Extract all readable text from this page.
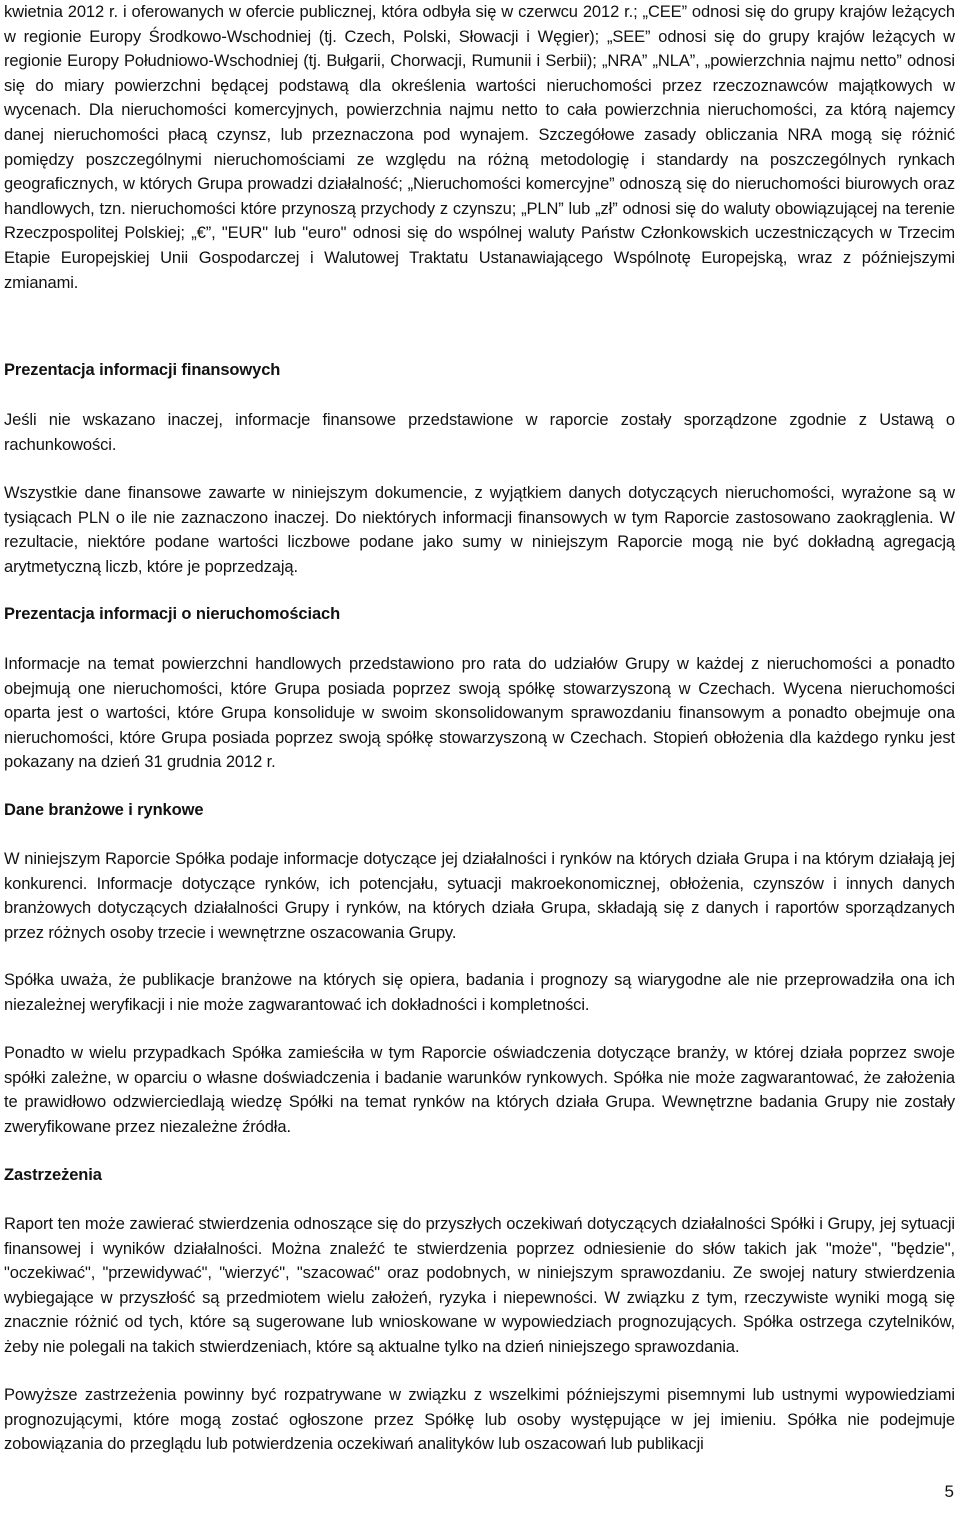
kwietnia 2012 r. i oferowanych w ofercie publicznej, która odbyła się w czerwcu 2012 r.; „CEE” odnosi się do grupy krajów leżących w regionie Europy Środkowo-Wschodniej (tj. Czech, Polski, Słowacji i Węgier); „SEE” odnosi się do grupy krajów leżących w regionie Europy Południowo-Wschodniej (tj. Bułgarii, Chorwacji, Rumunii i Serbii); „NRA” „NLA”, „powierzchnia najmu netto” odnosi się do miary powierzchni będącej podstawą dla określenia wartości nieruchomości przez rzeczoznawców majątkowych w wycenach. Dla nieruchomości komercyjnych, powierzchnia najmu netto to cała powierzchnia nieruchomości, za którą najemcy danej nieruchomości płacą czynsz, lub przeznaczona pod wynajem. Szczegółowe zasady obliczania NRA mogą się różnić pomiędzy poszczególnymi nieruchomościami ze względu na różną metodologię i standardy na poszczególnych rynkach geograficznych, w których Grupa prowadzi działalność; „Nieruchomości komercyjne” odnoszą się do nieruchomości biurowych oraz handlowych, tzn. nieruchomości które przynoszą przychody z czynszu; „PLN” lub „zł” odnosi się do waluty obowiązującej na terenie Rzeczpospolitej Polskiej; „€”, "EUR" lub "euro" odnosi się do wspólnej waluty Państw Członkowskich uczestniczących w Trzecim Etapie Europejskiej Unii Gospodarczej i Walutowej Traktatu Ustanawiającego Wspólnotę Europejską, wraz z późniejszymi zmianami.

Prezentacja informacji finansowych

Jeśli nie wskazano inaczej, informacje finansowe przedstawione w raporcie zostały sporządzone zgodnie z Ustawą o rachunkowości.

Wszystkie dane finansowe zawarte w niniejszym dokumencie, z wyjątkiem danych dotyczących nieruchomości, wyrażone są w tysiącach PLN o ile nie zaznaczono inaczej. Do niektórych informacji finansowych w tym Raporcie zastosowano zaokrąglenia. W rezultacie, niektóre podane wartości liczbowe podane jako sumy w niniejszym Raporcie mogą nie być dokładną agregacją arytmetyczną liczb, które je poprzedzają.

Prezentacja informacji o nieruchomościach

Informacje na temat powierzchni handlowych przedstawiono pro rata do udziałów Grupy w każdej z nieruchomości a ponadto obejmują one nieruchomości, które Grupa posiada poprzez swoją spółkę stowarzyszoną w Czechach. Wycena nieruchomości oparta jest o wartości, które Grupa konsoliduje w swoim skonsolidowanym sprawozdaniu finansowym a ponadto obejmuje ona nieruchomości, które Grupa posiada poprzez swoją spółkę stowarzyszoną w Czechach. Stopień obłożenia dla każdego rynku jest pokazany na dzień 31 grudnia 2012 r.

Dane branżowe i rynkowe

W niniejszym Raporcie Spółka podaje informacje dotyczące jej działalności i rynków na których działa Grupa i na którym działają jej konkurenci. Informacje dotyczące rynków, ich potencjału, sytuacji makroekonomicznej, obłożenia, czynszów i innych danych branżowych dotyczących działalności Grupy i rynków, na których działa Grupa, składają się z danych i raportów sporządzanych przez różnych osoby trzecie i wewnętrzne oszacowania Grupy.

Spółka uważa, że publikacje branżowe na których się opiera, badania i prognozy są wiarygodne ale nie przeprowadziła ona ich niezależnej weryfikacji i nie może zagwarantować ich dokładności i kompletności.

Ponadto w wielu przypadkach Spółka zamieściła w tym Raporcie oświadczenia dotyczące branży, w której działa poprzez swoje spółki zależne, w oparciu o własne doświadczenia i badanie warunków rynkowych. Spółka nie może zagwarantować, że założenia te prawidłowo odzwierciedlają wiedzę Spółki na temat rynków na których działa Grupa. Wewnętrzne badania Grupy nie zostały zweryfikowane przez niezależne źródła.

Zastrzeżenia

Raport ten może zawierać stwierdzenia odnoszące się do przyszłych oczekiwań dotyczących działalności Spółki i Grupy, jej sytuacji finansowej i wyników działalności. Można znaleźć te stwierdzenia poprzez odniesienie do słów takich jak "może", "będzie", "oczekiwać", "przewidywać", "wierzyć", "szacować" oraz podobnych, w niniejszym sprawozdaniu. Ze swojej natury stwierdzenia wybiegające w przyszłość są przedmiotem wielu założeń, ryzyka i niepewności. W związku z tym, rzeczywiste wyniki mogą się znacznie różnić od tych, które są sugerowane lub wnioskowane w wypowiedziach prognozujących. Spółka ostrzega czytelników, żeby nie polegali na takich stwierdzeniach, które są aktualne tylko na dzień niniejszego sprawozdania.

Powyższe zastrzeżenia powinny być rozpatrywane w związku z wszelkimi późniejszymi pisemnymi lub ustnymi wypowiedziami prognozującymi, które mogą zostać ogłoszone przez Spółkę lub osoby występujące w jej imieniu. Spółka nie podejmuje zobowiązania do przeglądu lub potwierdzenia oczekiwań analityków lub oszacowań lub publikacji

5
